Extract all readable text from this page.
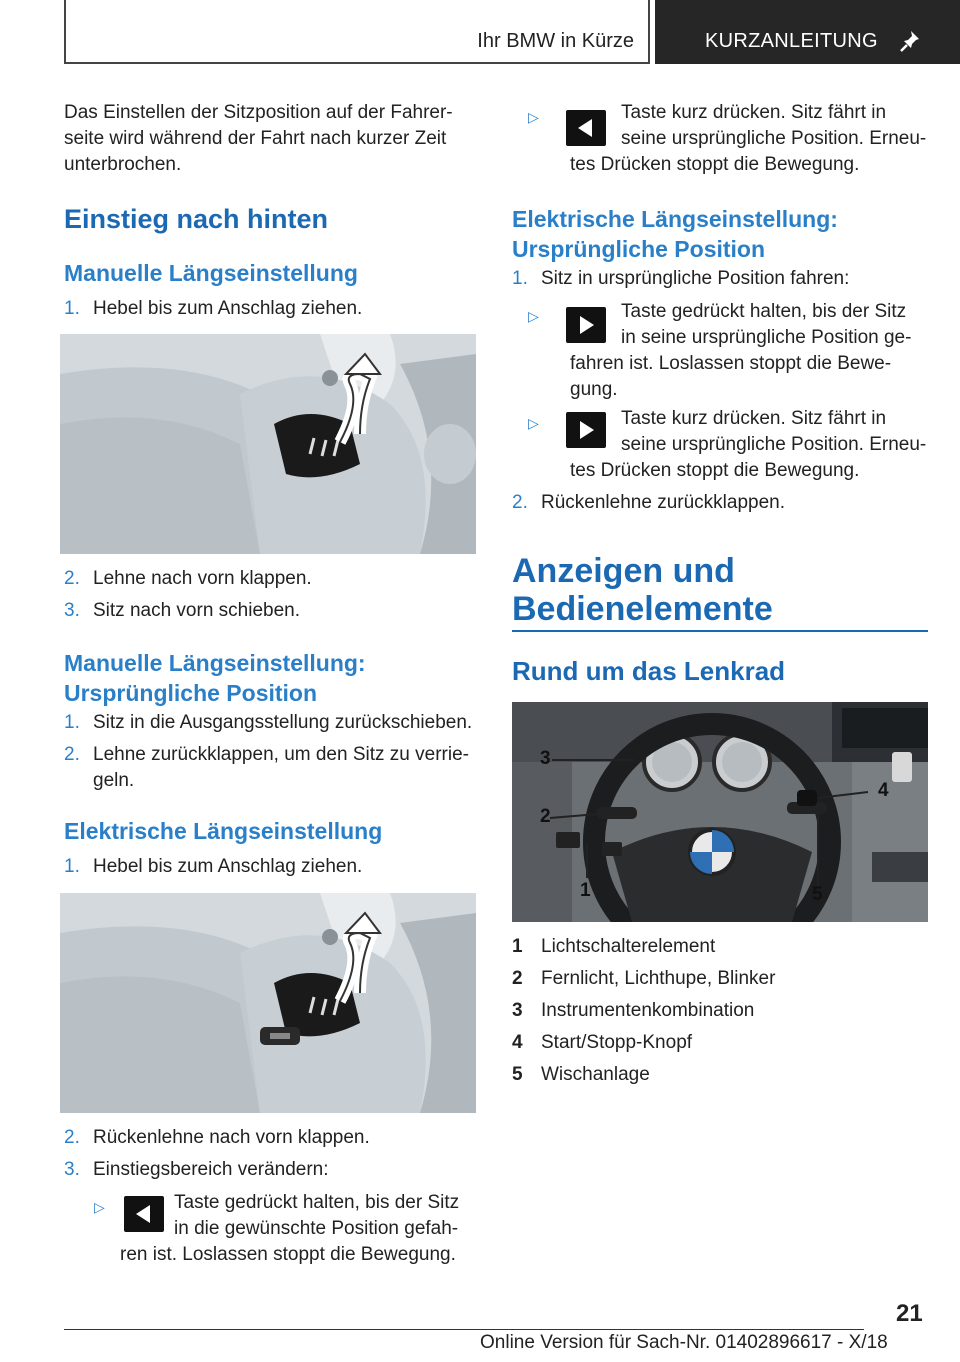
Ihr BMW in Kürze	KURZANLEITUNG
Das Einstellen der Sitzposition auf der Fahrer-
seite wird während der Fahrt nach kurzer Zeit
unterbrochen.
Einstieg nach hinten
Manuelle Längseinstellung
1. Hebel bis zum Anschlag ziehen.
2. Lehne nach vorn klappen.
3. Sitz nach vorn schieben.
Manuelle Längseinstellung:
Ursprüngliche Position
1. Sitz in die Ausgangsstellung zurückschieben.
2. Lehne zurückklappen, um den Sitz zu verrie-
geln.
Elektrische Längseinstellung
1. Hebel bis zum Anschlag ziehen.
2. Rückenlehne nach vorn klappen.
3. Einstiegsbereich verändern:
▷	Taste gedrückt halten, bis der Sitz
in die gewünschte Position gefah-
ren ist. Loslassen stoppt die Bewegung.
▷	Taste kurz drücken. Sitz fährt in
seine ursprüngliche Position. Erneu-
tes Drücken stoppt die Bewegung.
Elektrische Längseinstellung:
Ursprüngliche Position
1. Sitz in ursprüngliche Position fahren:
▷	Taste gedrückt halten, bis der Sitz
in seine ursprüngliche Position ge-
fahren ist. Loslassen stoppt die Bewe-
gung.
▷	Taste kurz drücken. Sitz fährt in
seine ursprüngliche Position. Erneu-
tes Drücken stoppt die Bewegung.
2. Rückenlehne zurückklappen.
Anzeigen und
Bedienelemente
Rund um das Lenkrad
3
2
1
4
5
1 Lichtschalterelement
2 Fernlicht, Lichthupe, Blinker
3 Instrumentenkombination
4 Start/Stopp-Knopf
5 Wischanlage
21
Online Version für Sach-Nr. 01402896617 - X/18
